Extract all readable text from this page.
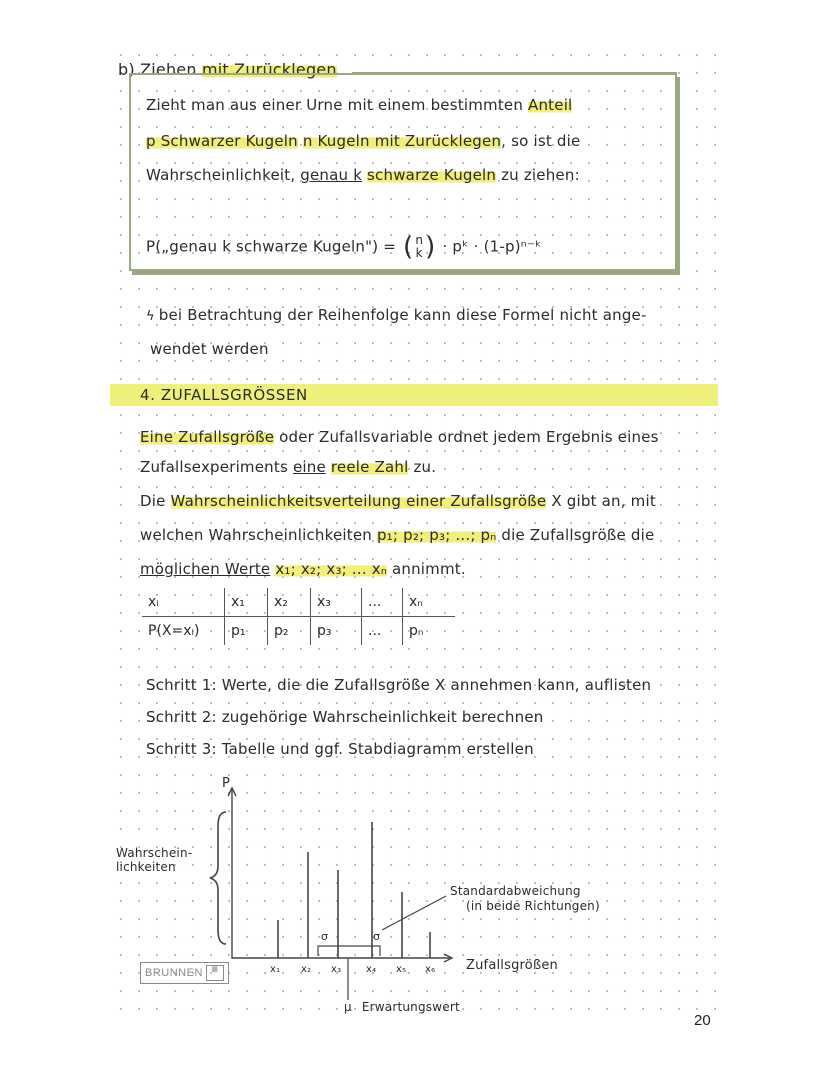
b) Ziehen mit Zurücklegen
Zieht man aus einer Urne mit einem bestimmten Anteil
p Schwarzer Kugeln n Kugeln mit Zurücklegen, so ist die
Wahrscheinlichkeit, genau k schwarze Kugeln zu ziehen:
P(„genau k schwarze Kugeln") = ( n
k ) · pᵏ · (1-p)ⁿ⁻ᵏ
ϟ bei Betrachtung der Reihenfolge kann diese Formel nicht ange-
wendet werden
4. ZUFALLSGRÖSSEN
Eine Zufallsgröße oder Zufallsvariable ordnet jedem Ergebnis eines
Zufallsexperiments eine reele Zahl zu.
Die Wahrscheinlichkeitsverteilung einer Zufallsgröße X gibt an, mit
welchen Wahrscheinlichkeiten p₁; p₂; p₃; ...; pₙ die Zufallsgröße die
möglichen Werte x₁; x₂; x₃; ... xₙ annimmt.
xᵢ	x₁	x₂	x₃	...	xₙ
P(X=xᵢ)	p₁	p₂	p₃	...	pₙ
Schritt 1: Werte, die die Zufallsgröße X annehmen kann, auflisten
Schritt 2: zugehörige Wahrscheinlichkeit berechnen
Schritt 3: Tabelle und ggf. Stabdiagramm erstellen
P
Wahrschein-
lichkeiten
x₁ x₂ x₃ x₄ x₅ x₆
σ	σ
Standardabweichung
(in beide Richtungen)
Zufallsgrößen
μ Erwartungswert
BRUNNEN ▦
20
